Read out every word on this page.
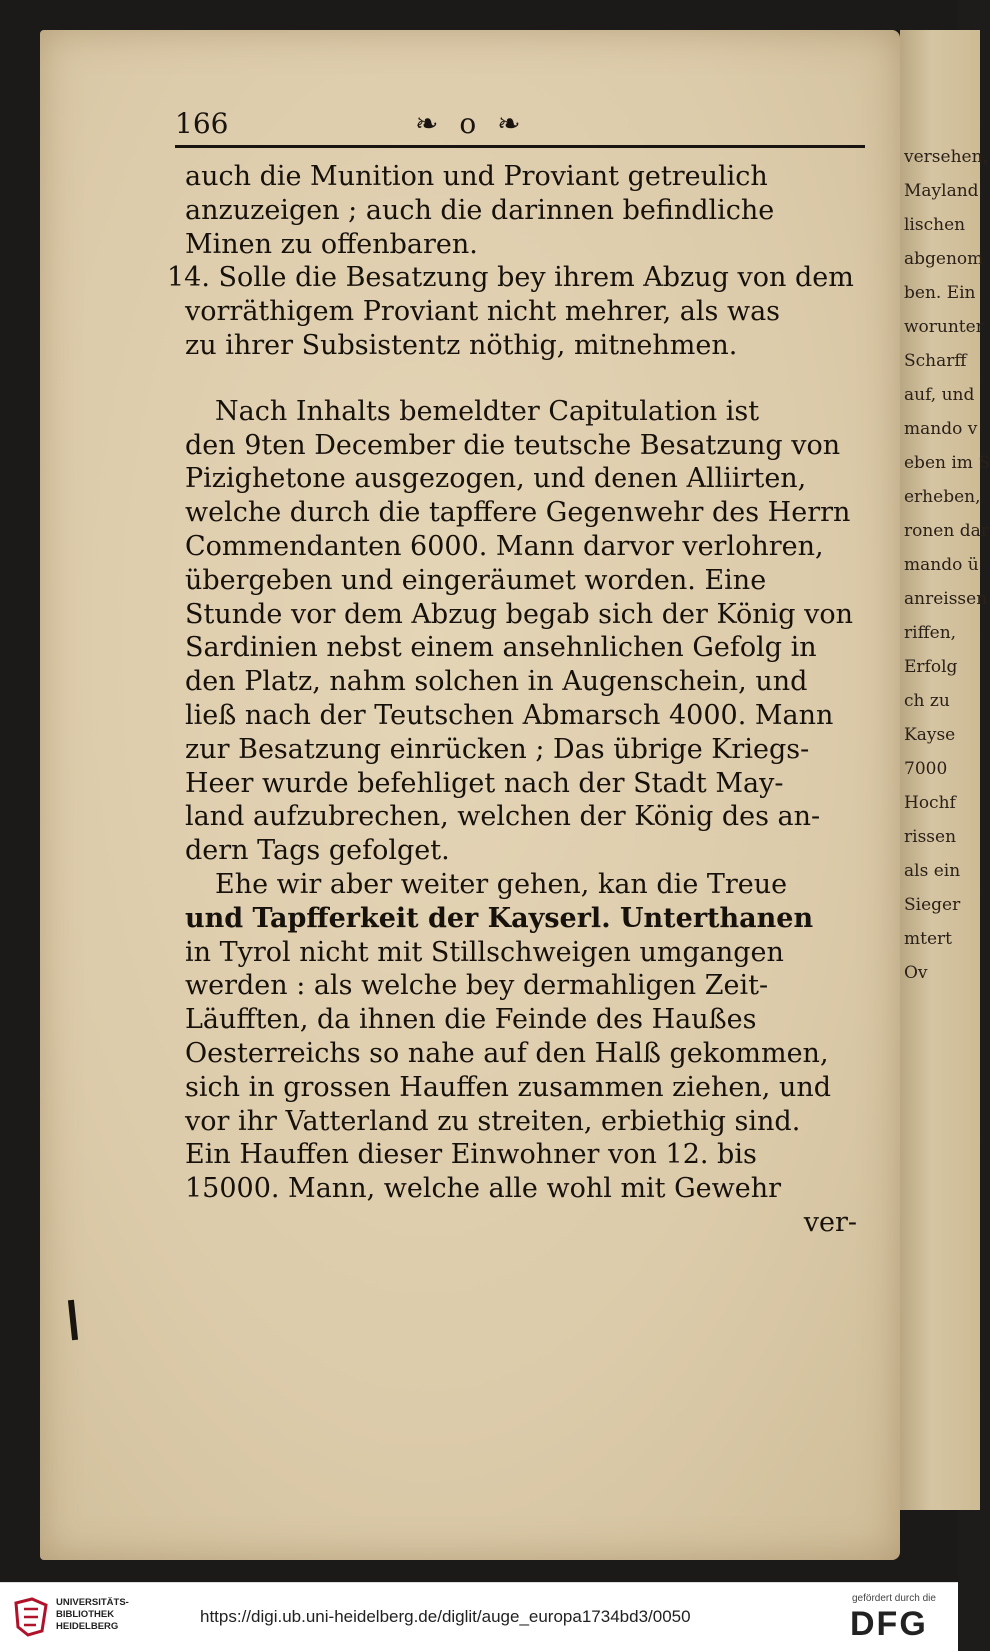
versehen,
Mayland
lischen
abgenom
ben. Ein
worunter
Scharff
auf, und
mando v
eben im S
erheben,
ronen dar
mando ü
anreissen
riffen,
Erfolg
ch zu
Kayse
7000
Hochf
rissen
als ein
Sieger
mtert
Ov
166	❧ o ❧
auch die Munition und Proviant getreulich
anzuzeigen ; auch die darinnen befindliche
Minen zu offenbaren.
14. Solle die Besatzung bey ihrem Abzug von dem
vorräthigem Proviant nicht mehrer, als was
zu ihrer Subsistentz nöthig, mitnehmen.
Nach Inhalts bemeldter Capitulation ist
den 9ten December die teutsche Besatzung von
Pizighetone ausgezogen, und denen Alliirten,
welche durch die tapffere Gegenwehr des Herrn
Commendanten 6000. Mann darvor verlohren,
übergeben und eingeräumet worden. Eine
Stunde vor dem Abzug begab sich der König von
Sardinien nebst einem ansehnlichen Gefolg in
den Platz, nahm solchen in Augenschein, und
ließ nach der Teutschen Abmarsch 4000. Mann
zur Besatzung einrücken ; Das übrige Kriegs-
Heer wurde befehliget nach der Stadt May-
land aufzubrechen, welchen der König des an-
dern Tags gefolget.
Ehe wir aber weiter gehen, kan die Treue
und Tapfferkeit der Kayserl. Unterthanen
in Tyrol nicht mit Stillschweigen umgangen
werden : als welche bey dermahligen Zeit-
Läufften, da ihnen die Feinde des Haußes
Oesterreichs so nahe auf den Halß gekommen,
sich in grossen Hauffen zusammen ziehen, und
vor ihr Vatterland zu streiten, erbiethig sind.
Ein Hauffen dieser Einwohner von 12. bis
15000. Mann, welche alle wohl mit Gewehr
ver-
UNIVERSITÄTS-
BIBLIOTHEK
HEIDELBERG
https://digi.ub.uni-heidelberg.de/diglit/auge_europa1734bd3/0050
gefördert durch die
DFG
